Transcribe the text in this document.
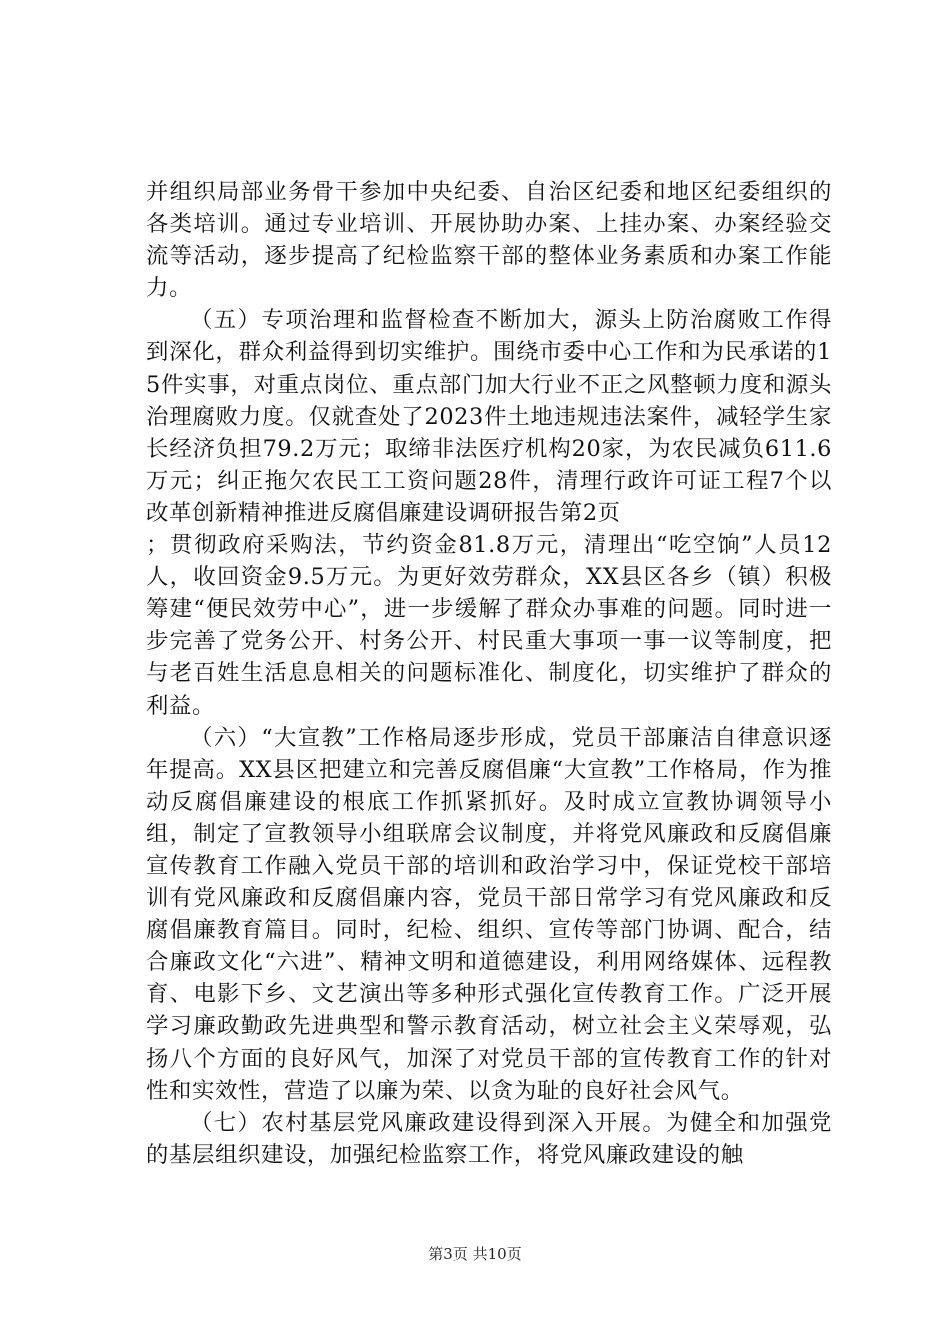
并组织局部业务骨干参加中央纪委、自治区纪委和地区纪委组织的各类培训。通过专业培训、开展协助办案、上挂办案、办案经验交流等活动，逐步提高了纪检监察干部的整体业务素质和办案工作能力。

（五）专项治理和监督检查不断加大，源头上防治腐败工作得到深化，群众利益得到切实维护。围绕市委中心工作和为民承诺的15件实事，对重点岗位、重点部门加大行业不正之风整顿力度和源头治理腐败力度。仅就查处了2023件土地违规违法案件，减轻学生家长经济负担79.2万元；取缔非法医疗机构20家，为农民减负611.6万元；纠正拖欠农民工工资问题28件，清理行政许可证工程7个以改革创新精神推进反腐倡廉建设调研报告第2页

；贯彻政府采购法，节约资金81.8万元，清理出“吃空饷”人员12人，收回资金9.5万元。为更好效劳群众，XX县区各乡（镇）积极筹建“便民效劳中心”，进一步缓解了群众办事难的问题。同时进一步完善了党务公开、村务公开、村民重大事项一事一议等制度，把与老百姓生活息息相关的问题标准化、制度化，切实维护了群众的利益。

（六）“大宣教”工作格局逐步形成，党员干部廉洁自律意识逐年提高。XX县区把建立和完善反腐倡廉“大宣教”工作格局，作为推动反腐倡廉建设的根底工作抓紧抓好。及时成立宣教协调领导小组，制定了宣教领导小组联席会议制度，并将党风廉政和反腐倡廉宣传教育工作融入党员干部的培训和政治学习中，保证党校干部培训有党风廉政和反腐倡廉内容，党员干部日常学习有党风廉政和反腐倡廉教育篇目。同时，纪检、组织、宣传等部门协调、配合，结合廉政文化“六进”、精神文明和道德建设，利用网络媒体、远程教育、电影下乡、文艺演出等多种形式强化宣传教育工作。广泛开展学习廉政勤政先进典型和警示教育活动，树立社会主义荣辱观，弘扬八个方面的良好风气，加深了对党员干部的宣传教育工作的针对性和实效性，营造了以廉为荣、以贪为耻的良好社会风气。

（七）农村基层党风廉政建设得到深入开展。为健全和加强党的基层组织建设，加强纪检监察工作，将党风廉政建设的触

第3页 共10页
